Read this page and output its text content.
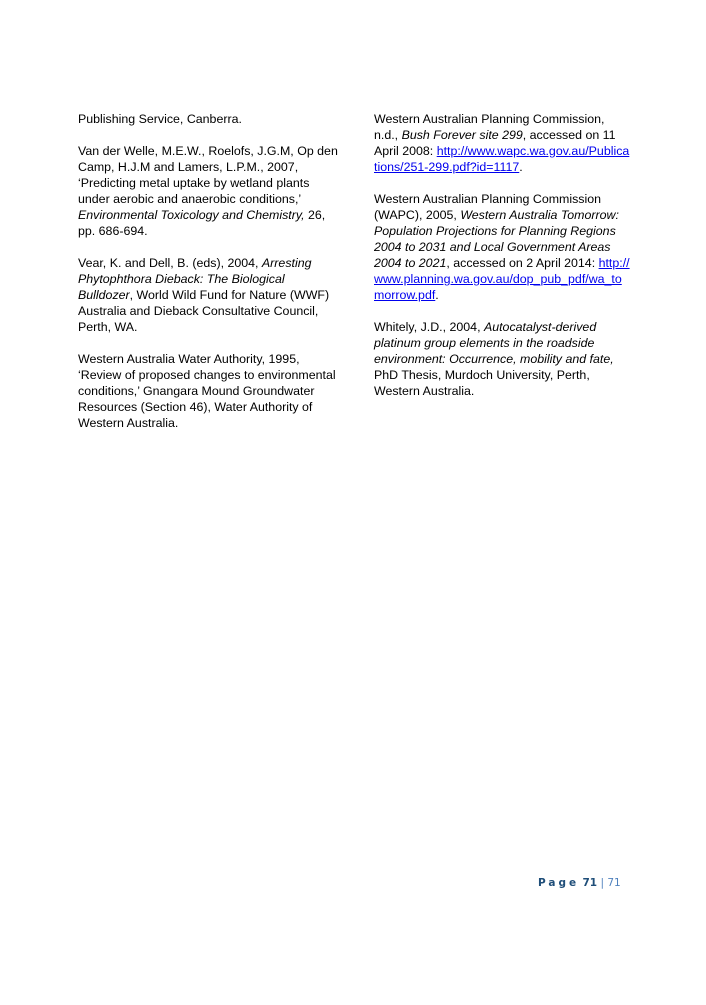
Publishing Service, Canberra.

Van der Welle, M.E.W., Roelofs, J.G.M, Op den Camp, H.J.M and Lamers, L.P.M., 2007, ‘Predicting metal uptake by wetland plants under aerobic and anaerobic conditions,’ Environmental Toxicology and Chemistry, 26, pp. 686-694.

Vear, K. and Dell, B. (eds), 2004, Arresting Phytophthora Dieback: The Biological Bulldozer, World Wild Fund for Nature (WWF) Australia and Dieback Consultative Council, Perth, WA.

Western Australia Water Authority, 1995, ‘Review of proposed changes to environmental conditions,’ Gnangara Mound Groundwater Resources (Section 46), Water Authority of Western Australia.

Western Australian Planning Commission, n.d., Bush Forever site 299, accessed on 11 April 2008: http://www.wapc.wa.gov.au/Publications/251-299.pdf?id=1117.

Western Australian Planning Commission (WAPC), 2005, Western Australia Tomorrow: Population Projections for Planning Regions 2004 to 2031 and Local Government Areas 2004 to 2021, accessed on 2 April 2014: http://www.planning.wa.gov.au/dop_pub_pdf/wa_tomorrow.pdf.

Whitely, J.D., 2004, Autocatalyst-derived platinum group elements in the roadside environment: Occurrence, mobility and fate, PhD Thesis, Murdoch University, Perth, Western Australia.

Page 71 | 71
